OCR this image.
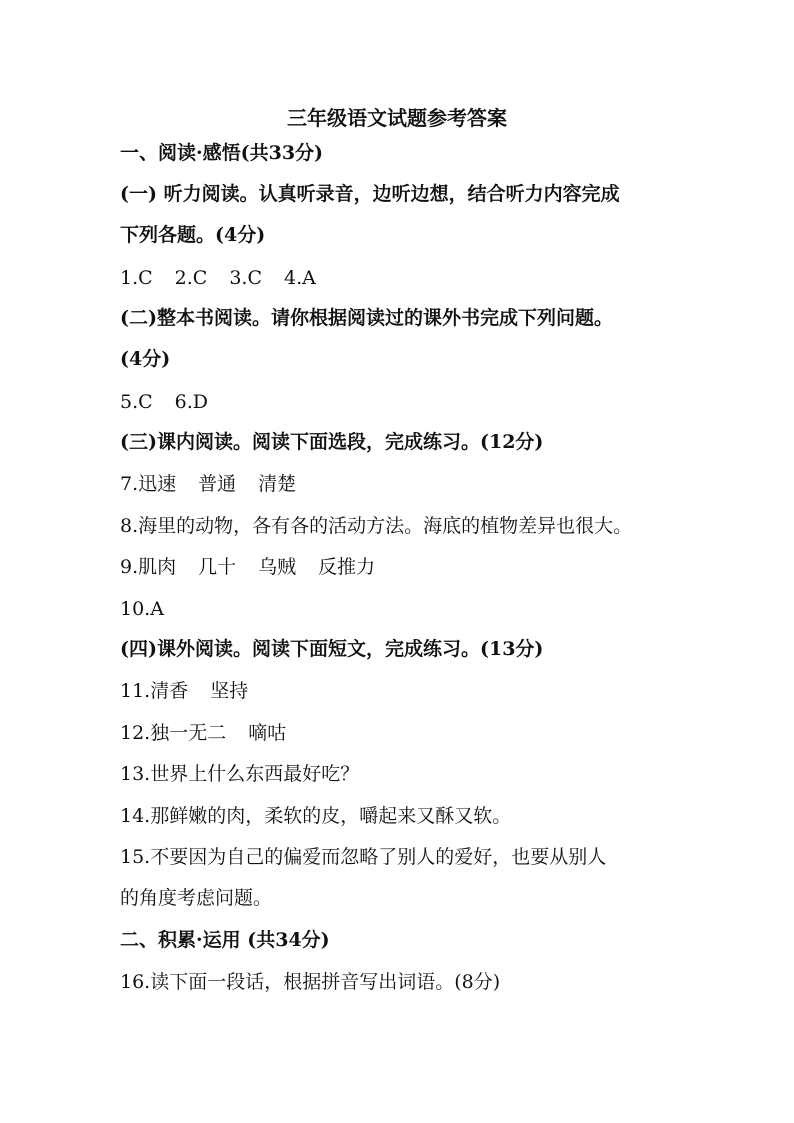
三年级语文试题参考答案
一、阅读·感悟(共33分)
(一) 听力阅读。认真听录音，边听边想，结合听力内容完成
下列各题。(4分)
1.C 2.C 3.C 4.A
(二)整本书阅读。请你根据阅读过的课外书完成下列问题。
(4分)
5.C 6.D
(三)课内阅读。阅读下面选段，完成练习。(12分)
7.迅速 普通 清楚
8.海里的动物，各有各的活动方法。海底的植物差异也很大。
9.肌肉 几十 乌贼 反推力
10.A
(四)课外阅读。阅读下面短文，完成练习。(13分)
11.清香 坚持
12.独一无二 嘀咕
13.世界上什么东西最好吃？
14.那鲜嫩的肉，柔软的皮，嚼起来又酥又软。
15.不要因为自己的偏爱而忽略了别人的爱好，也要从别人
的角度考虑问题。
二、积累·运用 (共34分)
16.读下面一段话，根据拼音写出词语。(8分)
